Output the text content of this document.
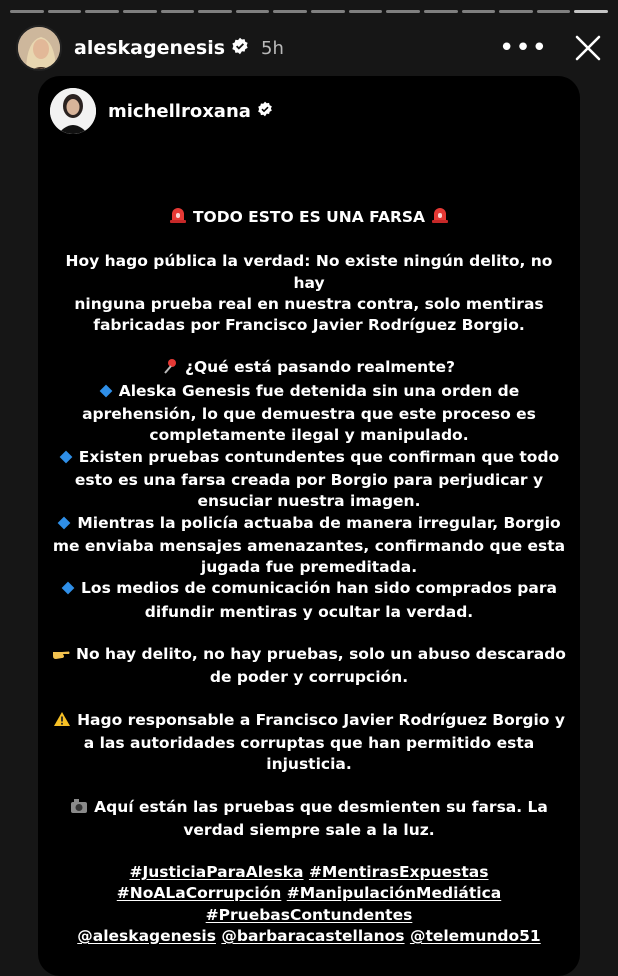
aleskagenesis 5h	•••
michellroxana

TODO ESTO ES UNA FARSA

Hoy hago pública la verdad: No existe ningún delito, no hay

ninguna prueba real en nuestra contra, solo mentiras

fabricadas por Francisco Javier Rodríguez Borgio.

¿Qué está pasando realmente?

Aleska Genesis fue detenida sin una orden de

aprehensión, lo que demuestra que este proceso es

completamente ilegal y manipulado.

Existen pruebas contundentes que confirman que todo

esto es una farsa creada por Borgio para perjudicar y

ensuciar nuestra imagen.

Mientras la policía actuaba de manera irregular, Borgio

me enviaba mensajes amenazantes, confirmando que esta

jugada fue premeditada.

Los medios de comunicación han sido comprados para

difundir mentiras y ocultar la verdad.

No hay delito, no hay pruebas, solo un abuso descarado

de poder y corrupción.

Hago responsable a Francisco Javier Rodríguez Borgio y

a las autoridades corruptas que han permitido esta

injusticia.

Aquí están las pruebas que desmienten su farsa. La

verdad siempre sale a la luz.

#JusticiaParaAleska #MentirasExpuestas

#NoALaCorrupción #ManipulaciónMediática

#PruebasContundentes

@aleskagenesis @barbaracastellanos @telemundo51
